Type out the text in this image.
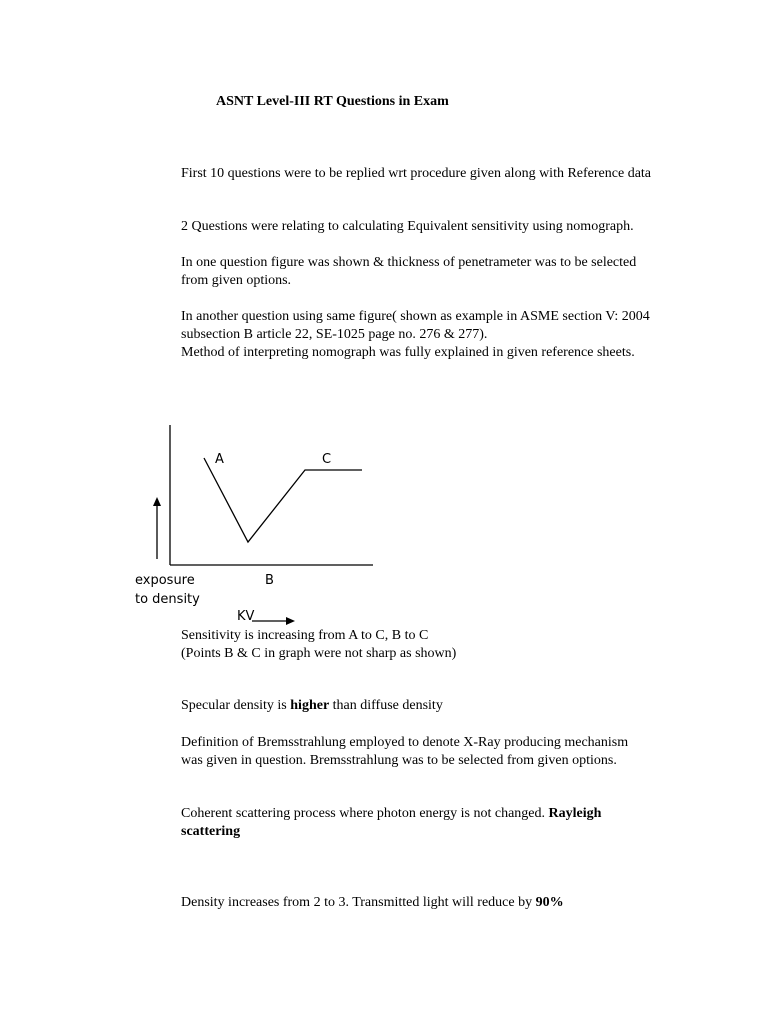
ASNT Level-III RT Questions in Exam

First 10 questions were to be replied wrt procedure given along with Reference data

2 Questions were relating to calculating Equivalent sensitivity using nomograph.

In one question figure was shown & thickness of penetrameter was to be selected from given options.

In another question using same figure( shown as example in ASME section V: 2004 subsection B article 22, SE-1025 page no. 276 & 277).

Method of interpreting nomograph was fully explained in given reference sheets.

A	C
B
exposure
to density
KV

Sensitivity is increasing from A to C, B to C

(Points B & C in graph were not sharp as shown)

Specular density is higher than diffuse density

Definition of Bremsstrahlung employed to denote X-Ray producing mechanism was given in question. Bremsstrahlung was to be selected from given options.

Coherent scattering process where photon energy is not changed. Rayleigh scattering

Density increases from 2 to 3. Transmitted light will reduce by 90%
